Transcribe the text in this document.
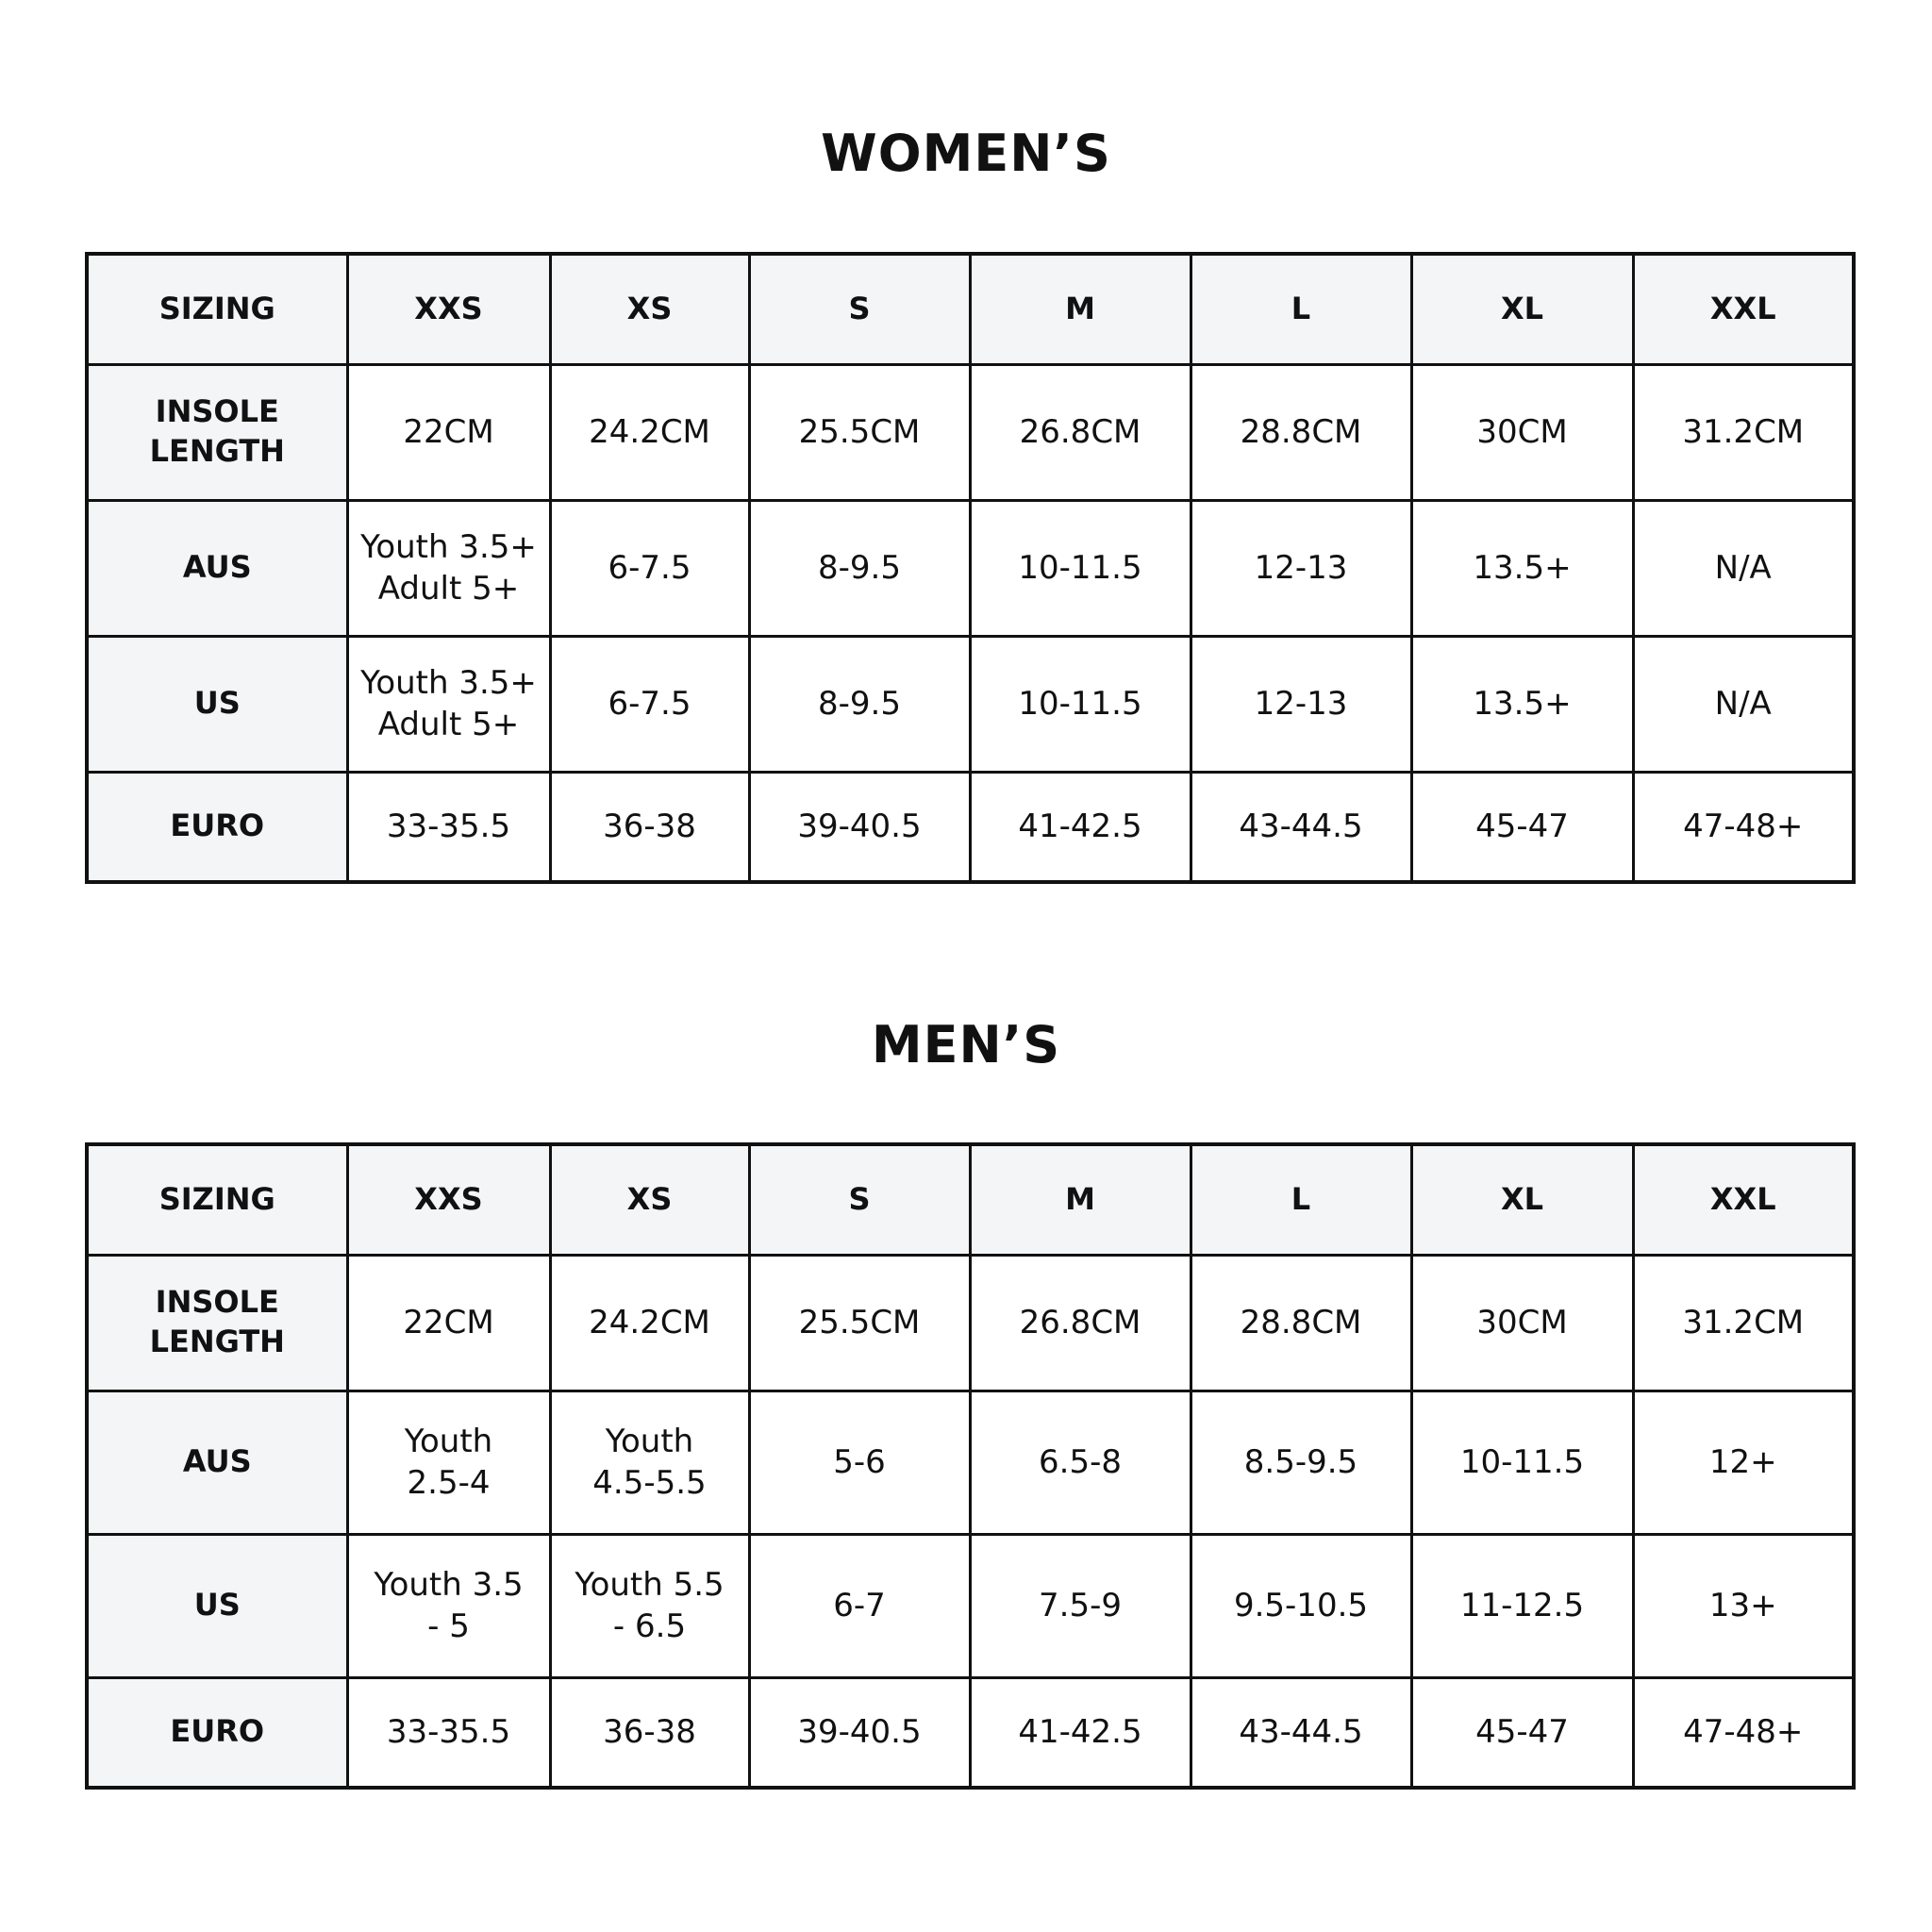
WOMEN’S
SIZING	XXS	XS	S	M	L	XL	XXL

INSOLE
LENGTH	22CM	24.2CM	25.5CM	26.8CM	28.8CM	30CM	31.2CM

AUS	Youth 3.5+
Adult 5+	6-7.5	8-9.5	10-11.5	12-13	13.5+	N/A

US	Youth 3.5+
Adult 5+	6-7.5	8-9.5	10-11.5	12-13	13.5+	N/A

EURO	33-35.5	36-38	39-40.5	41-42.5	43-44.5	45-47	47-48+
MEN’S
SIZING	XXS	XS	S	M	L	XL	XXL

INSOLE
LENGTH	22CM	24.2CM	25.5CM	26.8CM	28.8CM	30CM	31.2CM

AUS	Youth
2.5-4	Youth
4.5-5.5	5-6	6.5-8	8.5-9.5	10-11.5	12+

US	Youth 3.5
- 5	Youth 5.5
- 6.5	6-7	7.5-9	9.5-10.5	11-12.5	13+

EURO	33-35.5	36-38	39-40.5	41-42.5	43-44.5	45-47	47-48+
